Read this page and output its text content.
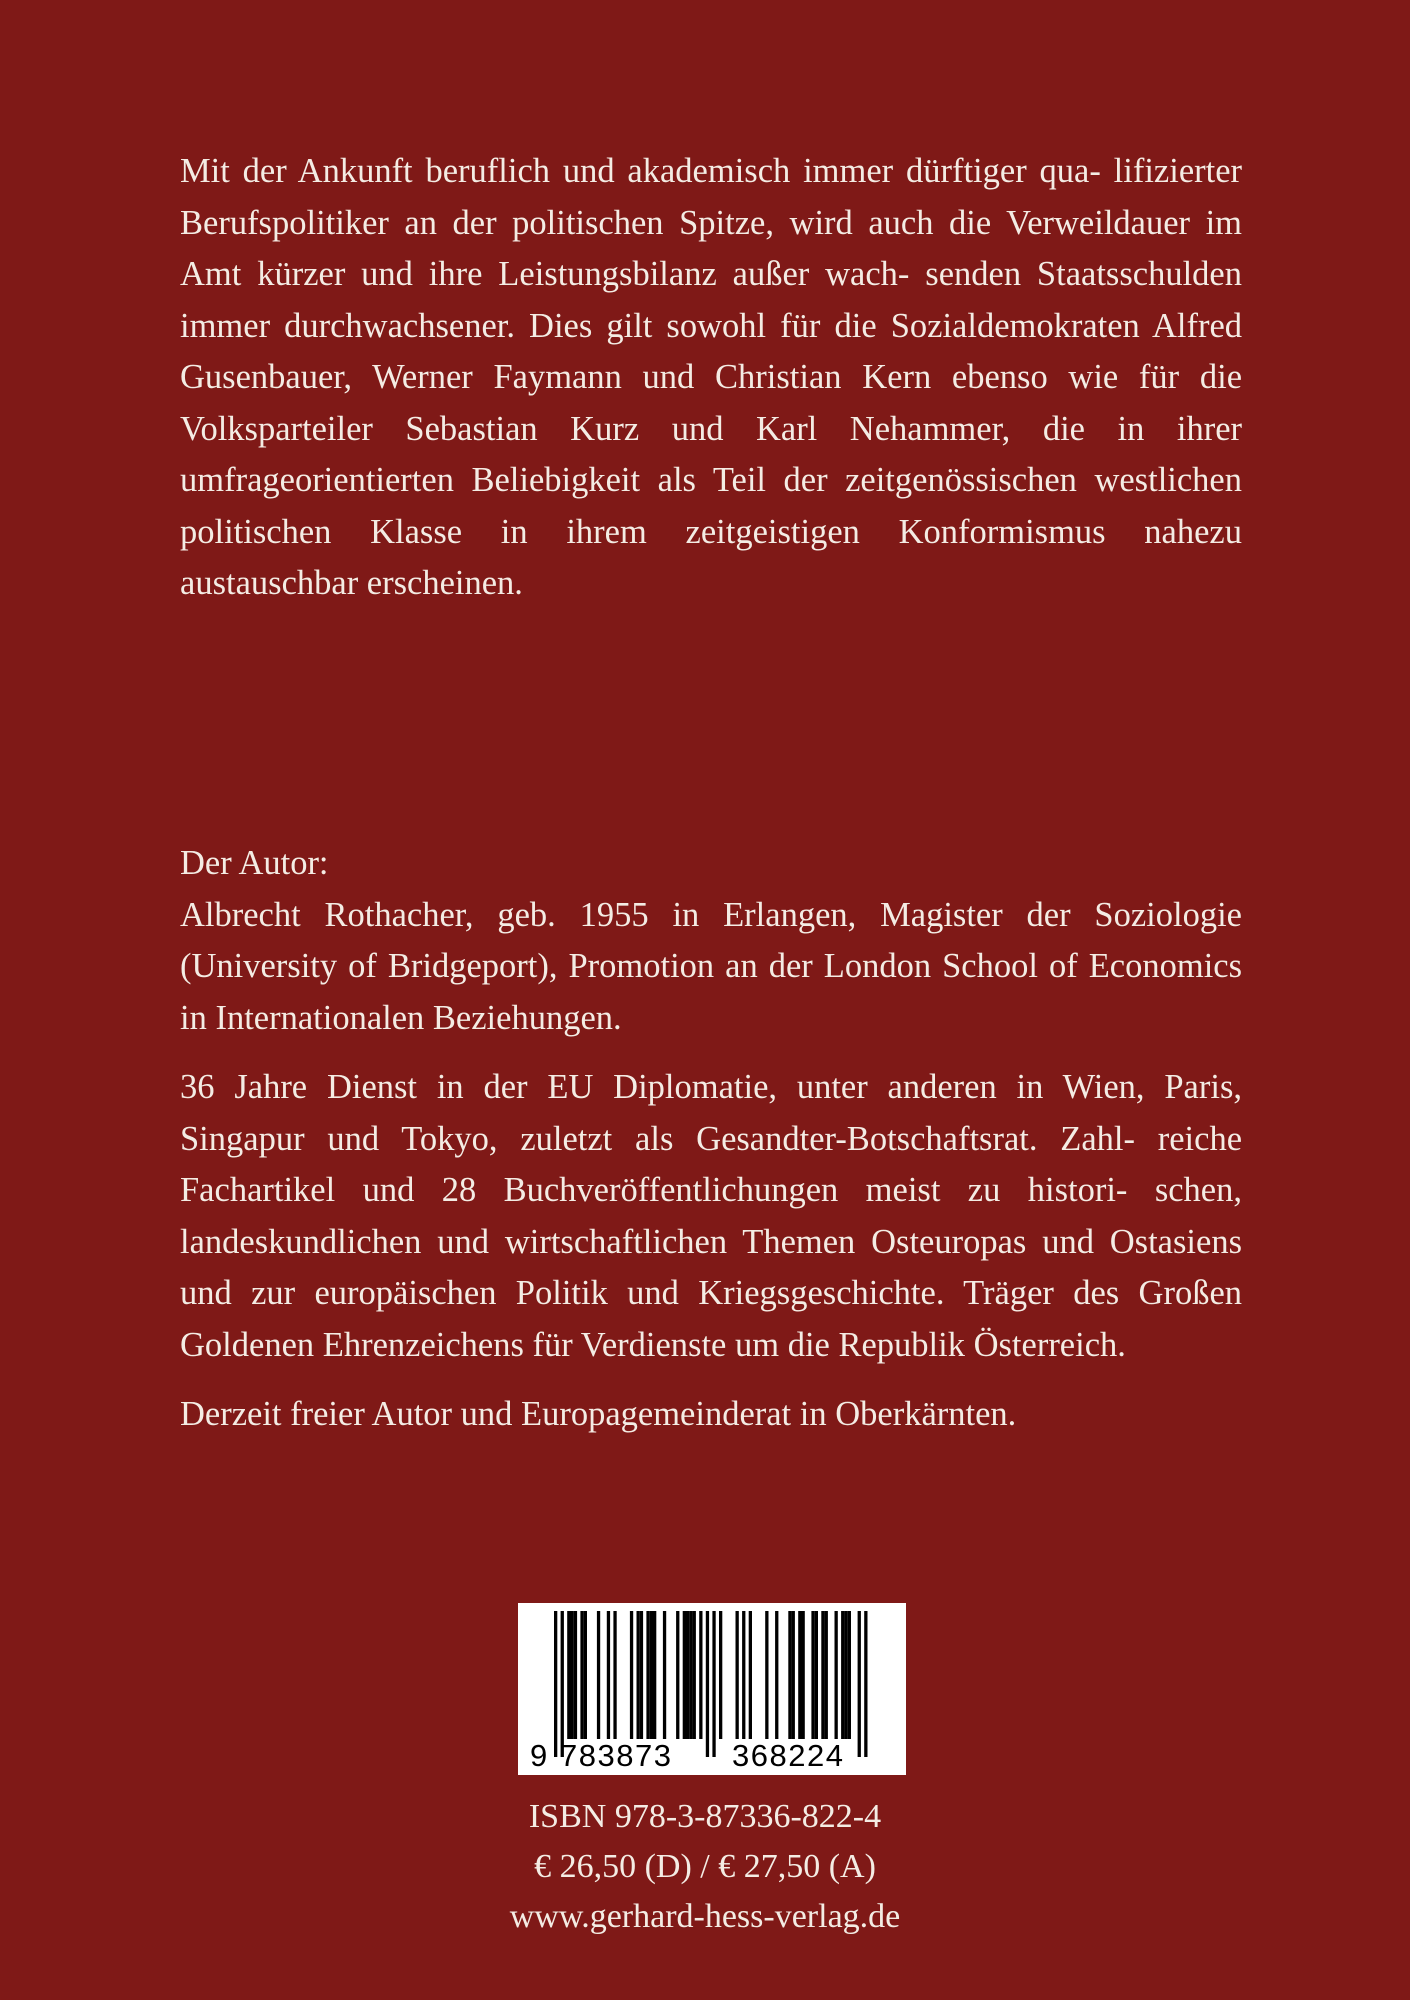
Mit der Ankunft beruflich und akademisch immer dürftiger qua- lifizierter Berufspolitiker an der politischen Spitze, wird auch die Verweildauer im Amt kürzer und ihre Leistungsbilanz außer wach- senden Staatsschulden immer durchwachsener. Dies gilt sowohl für die Sozialdemokraten Alfred Gusenbauer, Werner Faymann und Christian Kern ebenso wie für die Volksparteiler Sebastian Kurz und Karl Nehammer, die in ihrer umfrageorientierten Beliebigkeit als Teil der zeitgenössischen westlichen politischen Klasse in ihrem zeitgeistigen Konformismus nahezu austauschbar erscheinen.

Der Autor:

Albrecht Rothacher, geb. 1955 in Erlangen, Magister der Soziologie (University of Bridgeport), Promotion an der London School of Economics in Internationalen Beziehungen.

36 Jahre Dienst in der EU Diplomatie, unter anderen in Wien, Paris, Singapur und Tokyo, zuletzt als Gesandter-Botschaftsrat. Zahl- reiche Fachartikel und 28 Buchveröffentlichungen meist zu histori- schen, landeskundlichen und wirtschaftlichen Themen Osteuropas und Ostasiens und zur europäischen Politik und Kriegsgeschichte. Träger des Großen Goldenen Ehrenzeichens für Verdienste um die Republik Österreich.

Derzeit freier Autor und Europagemeinderat in Oberkärnten.

9 783873 368224
ISBN 978-3-87336-822-4
€ 26,50 (D) / € 27,50 (A)
www.gerhard-hess-verlag.de
